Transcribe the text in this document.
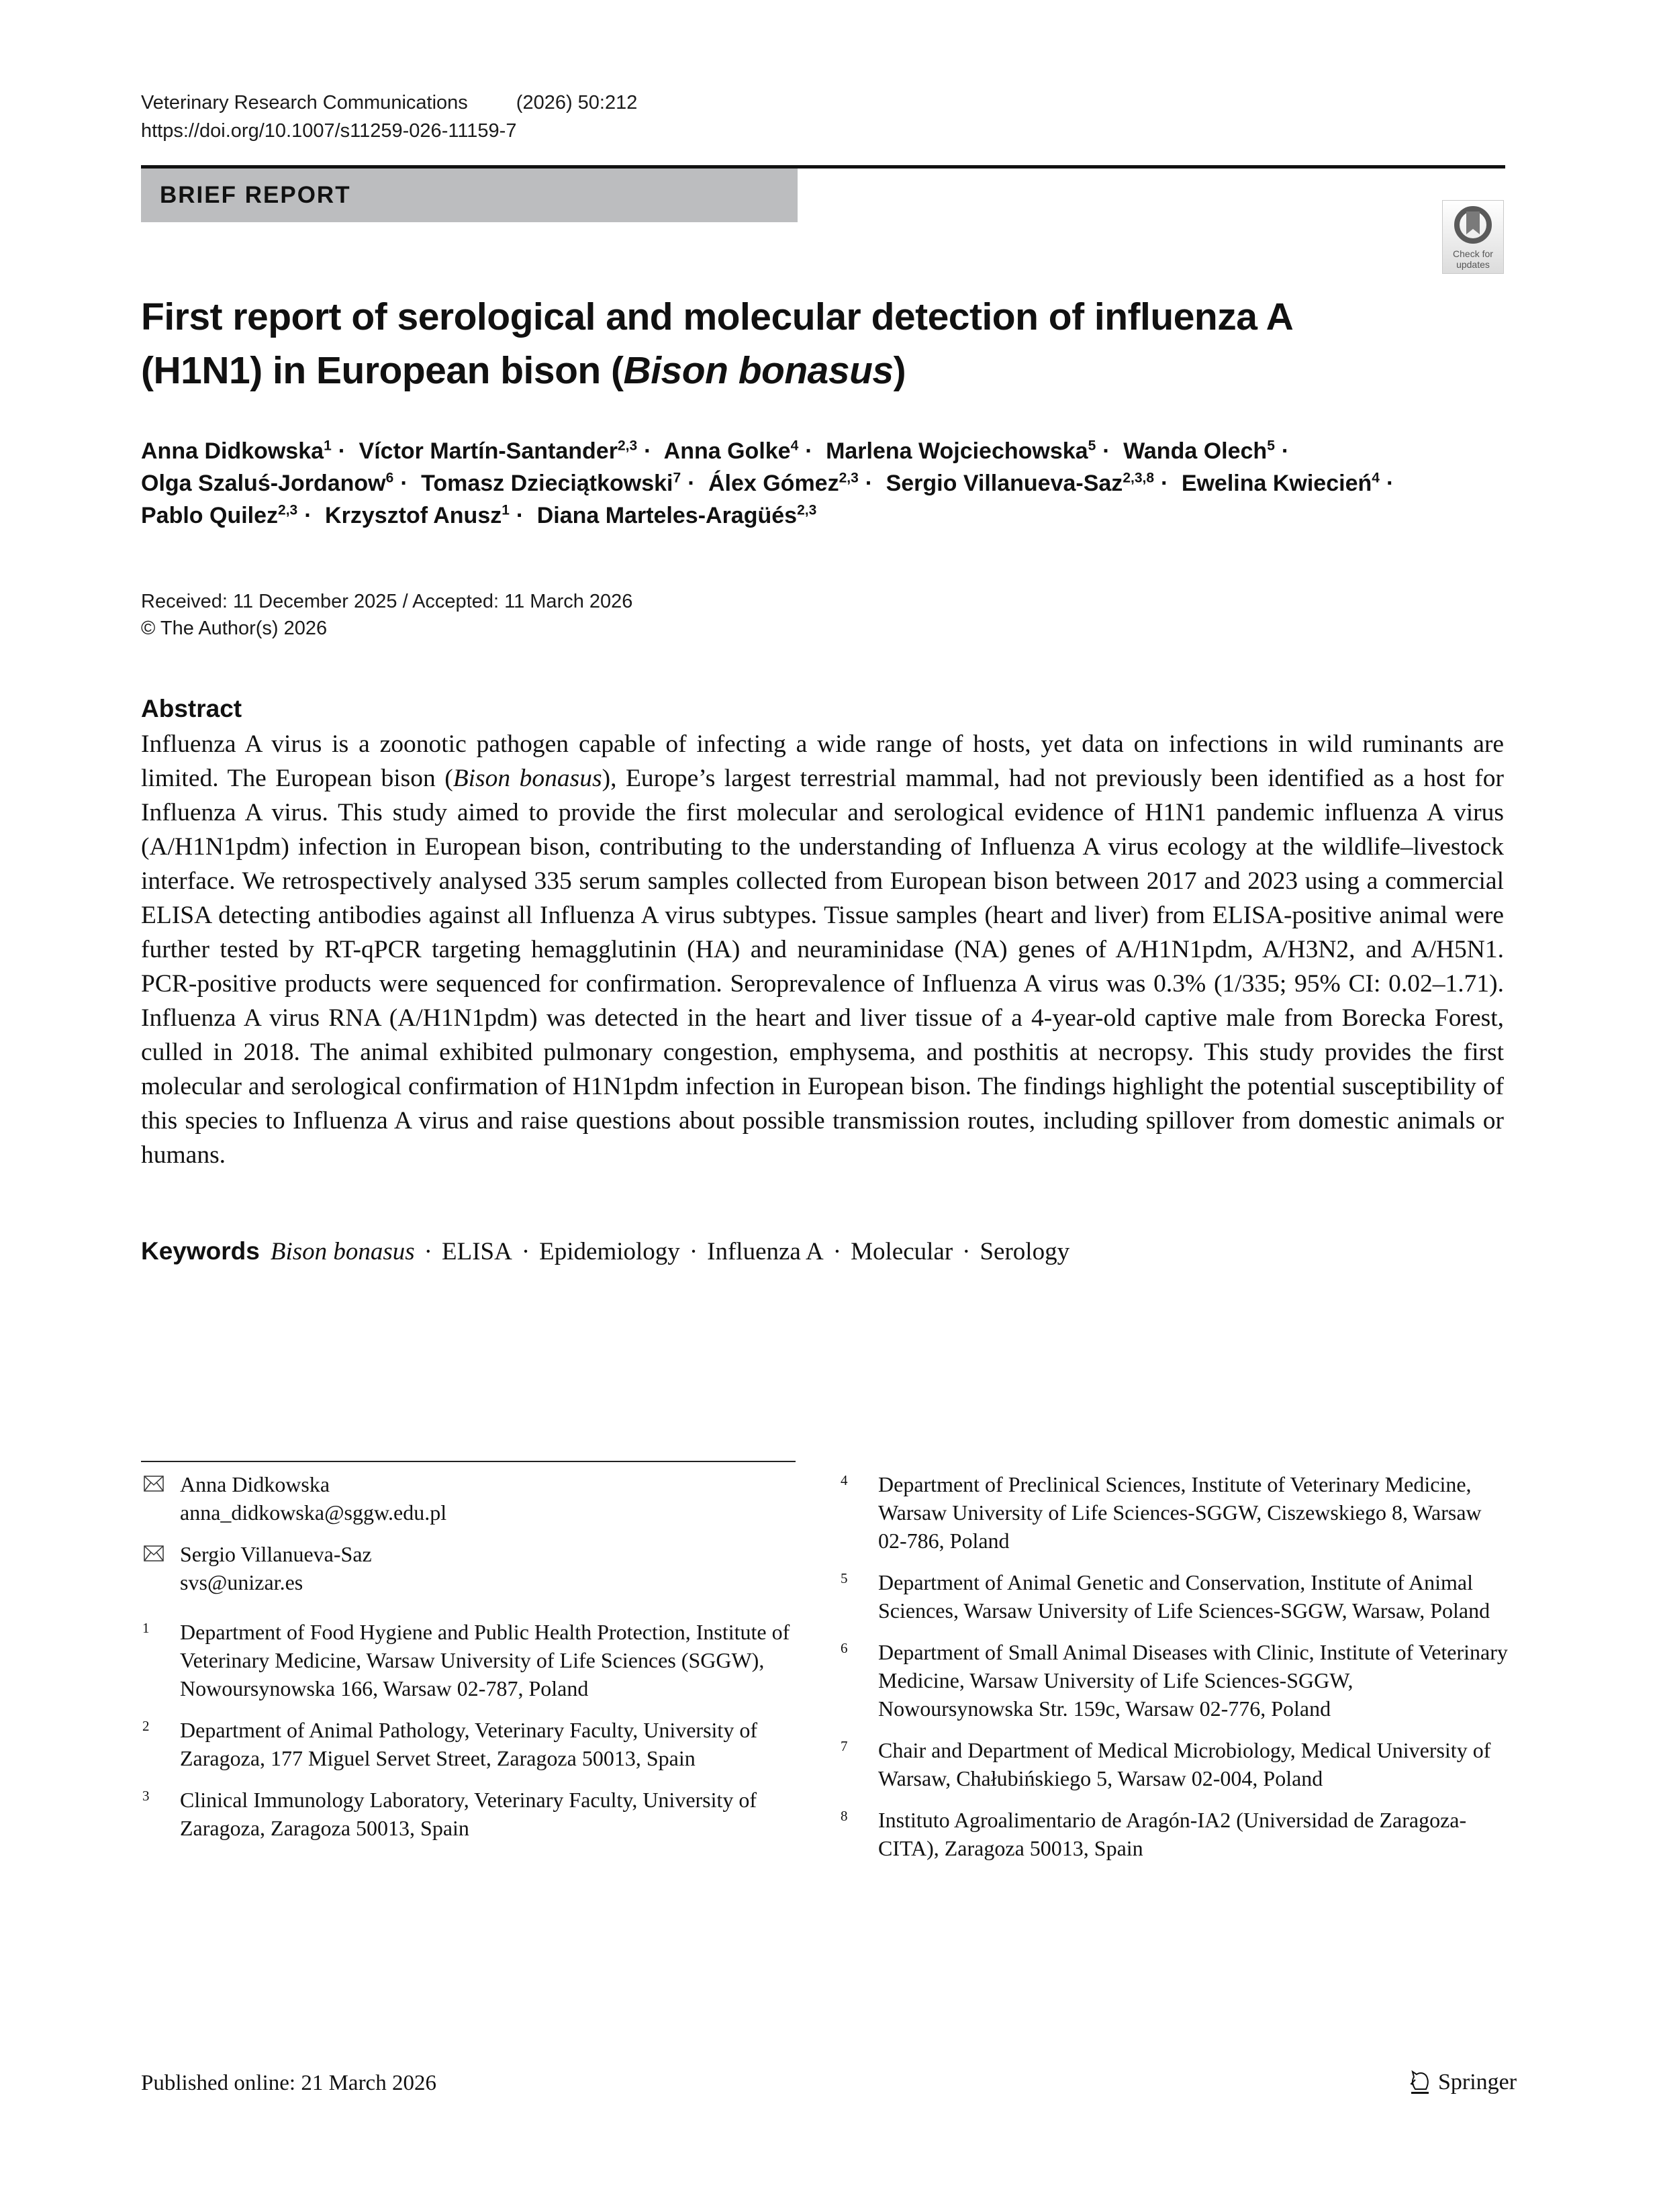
Veterinary Research Communications (2026) 50:212
https://doi.org/10.1007/s11259-026-11159-7
BRIEF REPORT
Check for
updates
First report of serological and molecular detection of influenza A (H1N1) in European bison (Bison bonasus)
Anna Didkowska$^1$ · Víctor Martín-Santander$^{2,3}$ · Anna Golke$^4$ · Marlena Wojciechowska$^5$ · Wanda Olech$^5$ ·
Olga Szaluś-Jordanow$^6$ · Tomasz Dzieciątkowski$^7$ · Álex Gómez$^{2,3}$ · Sergio Villanueva-Saz$^{2,3,8}$ · Ewelina Kwiecień$^4$ ·
Pablo Quilez$^{2,3}$ · Krzysztof Anusz$^1$ · Diana Marteles-Aragüés$^{2,3}$
Received: 11 December 2025 / Accepted: 11 March 2026
© The Author(s) 2026
Abstract
Influenza A virus is a zoonotic pathogen capable of infecting a wide range of hosts, yet data on infections in wild ruminants are limited. The European bison (Bison bonasus), Europe’s largest terrestrial mammal, had not previously been identified as a host for Influenza A virus. This study aimed to provide the first molecular and serological evidence of H1N1 pandemic influenza A virus (A/H1N1pdm) infection in European bison, contributing to the understanding of Influenza A virus ecology at the wildlife–livestock interface. We retrospectively analysed 335 serum samples collected from European bison between 2017 and 2023 using a commercial ELISA detecting antibodies against all Influenza A virus subtypes. Tissue samples (heart and liver) from ELISA-positive animal were further tested by RT-qPCR targeting hemagglutinin (HA) and neuraminidase (NA) genes of A/H1N1pdm, A/H3N2, and A/H5N1. PCR-positive products were sequenced for confirmation. Seroprevalence of Influenza A virus was 0.3% (1/335; 95% CI: 0.02–1.71). Influenza A virus RNA (A/H1N1pdm) was detected in the heart and liver tissue of a 4-year-old captive male from Borecka Forest, culled in 2018. The animal exhibited pulmonary congestion, emphysema, and posthitis at necropsy. This study provides the first molecular and serological confirmation of H1N1pdm infection in European bison. The findings highlight the potential susceptibility of this species to Influenza A virus and raise questions about possible transmission routes, including spillover from domestic animals or humans.
Keywords Bison bonasus · ELISA · Epidemiology · Influenza A · Molecular · Serology
Anna Didkowska
anna_didkowska@sggw.edu.pl
Sergio Villanueva-Saz
svs@unizar.es
1 Department of Food Hygiene and Public Health Protection, Institute of Veterinary Medicine, Warsaw University of Life Sciences (SGGW), Nowoursynowska 166, Warsaw 02-787, Poland
2 Department of Animal Pathology, Veterinary Faculty, University of Zaragoza, 177 Miguel Servet Street, Zaragoza 50013, Spain
3 Clinical Immunology Laboratory, Veterinary Faculty, University of Zaragoza, Zaragoza 50013, Spain
4 Department of Preclinical Sciences, Institute of Veterinary Medicine, Warsaw University of Life Sciences-SGGW, Ciszewskiego 8, Warsaw 02-786, Poland
5 Department of Animal Genetic and Conservation, Institute of Animal Sciences, Warsaw University of Life Sciences-SGGW, Warsaw, Poland
6 Department of Small Animal Diseases with Clinic, Institute of Veterinary Medicine, Warsaw University of Life Sciences-SGGW, Nowoursynowska Str. 159c, Warsaw 02-776, Poland
7 Chair and Department of Medical Microbiology, Medical University of Warsaw, Chałubińskiego 5, Warsaw 02-004, Poland
8 Instituto Agroalimentario de Aragón-IA2 (Universidad de Zaragoza-CITA), Zaragoza 50013, Spain
Published online: 21 March 2026	Springer
